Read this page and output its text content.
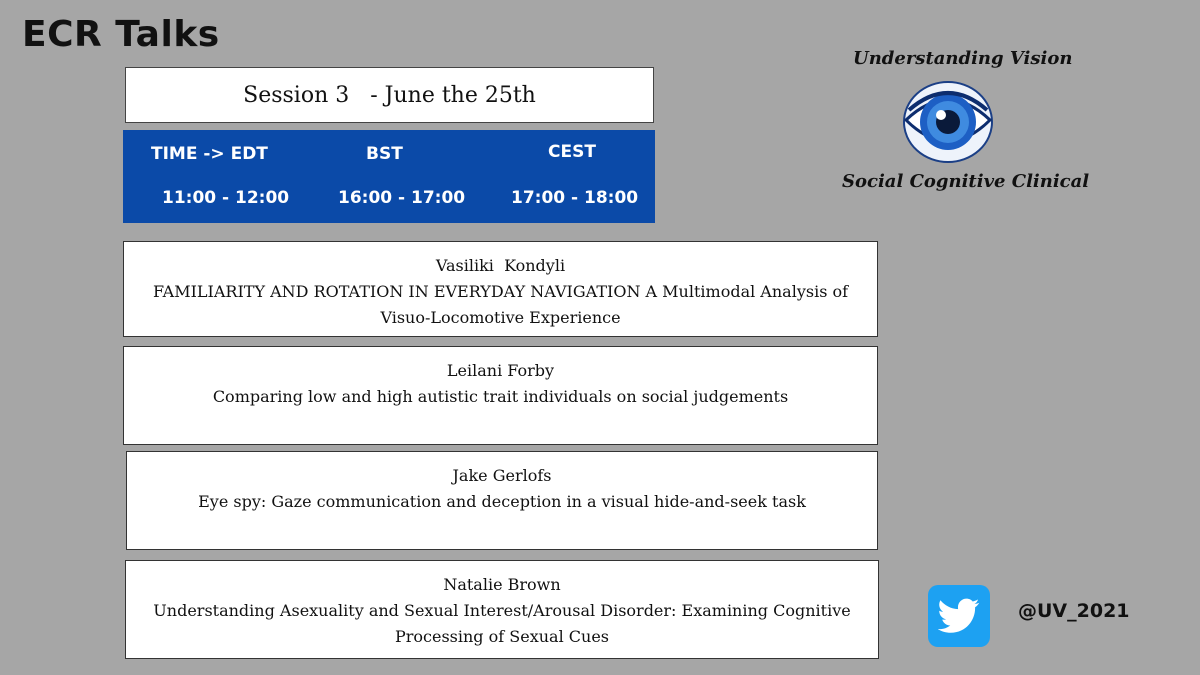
ECR Talks
Session 3   - June the 25th
TIME -> EDT	BST	CEST
11:00 - 12:00	16:00 - 17:00	17:00 - 18:00
Vasiliki  Kondyli
FAMILIARITY AND ROTATION IN EVERYDAY NAVIGATION A Multimodal Analysis of Visuo-Locomotive Experience
Leilani Forby
Comparing low and high autistic trait individuals on social judgements
Jake Gerlofs
Eye spy: Gaze communication and deception in a visual hide-and-seek task
Natalie Brown
Understanding Asexuality and Sexual Interest/Arousal Disorder: Examining Cognitive Processing of Sexual Cues
Understanding Vision
Social Cognitive Clinical
@UV_2021
